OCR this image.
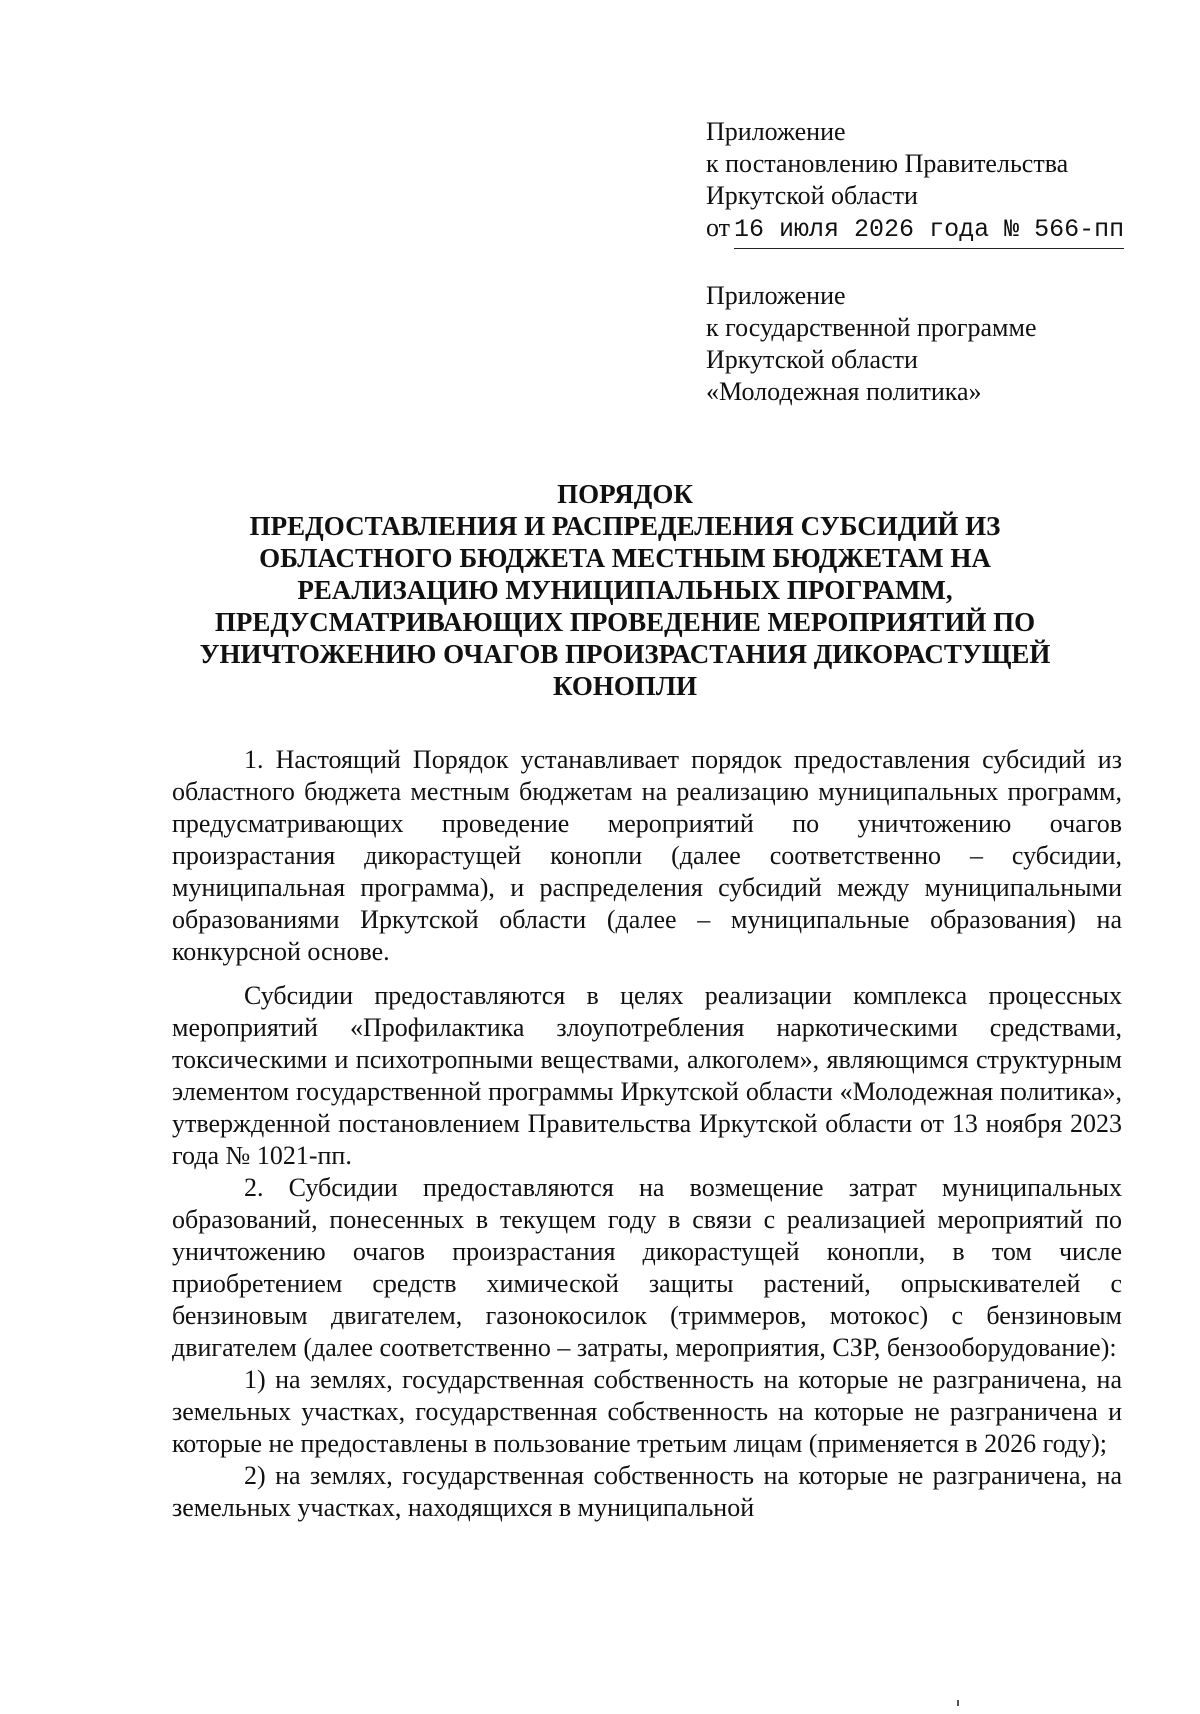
Приложение
к постановлению Правительства
Иркутской области
от 16 июля 2026 года № 566-пп
Приложение
к государственной программе
Иркутской области
«Молодежная политика»
ПОРЯДОК
ПРЕДОСТАВЛЕНИЯ И РАСПРЕДЕЛЕНИЯ СУБСИДИЙ ИЗ
ОБЛАСТНОГО БЮДЖЕТА МЕСТНЫМ БЮДЖЕТАМ НА
РЕАЛИЗАЦИЮ МУНИЦИПАЛЬНЫХ ПРОГРАММ,
ПРЕДУСМАТРИВАЮЩИХ ПРОВЕДЕНИЕ МЕРОПРИЯТИЙ ПО
УНИЧТОЖЕНИЮ ОЧАГОВ ПРОИЗРАСТАНИЯ ДИКОРАСТУЩЕЙ
КОНОПЛИ

1. Настоящий Порядок устанавливает порядок предоставления субсидий из областного бюджета местным бюджетам на реализацию муниципальных программ, предусматривающих проведение мероприятий по уничтожению очагов произрастания дикорастущей конопли (далее соответственно – субсидии, муниципальная программа), и распределения субсидий между муниципальными образованиями Иркутской области (далее – муниципальные образования) на конкурсной основе.

Субсидии предоставляются в целях реализации комплекса процессных мероприятий «Профилактика злоупотребления наркотическими средствами, токсическими и психотропными веществами, алкоголем», являющимся структурным элементом государственной программы Иркутской области «Молодежная политика», утвержденной постановлением Правительства Иркутской области от 13 ноября 2023 года № 1021-пп.

2. Субсидии предоставляются на возмещение затрат муниципальных образований, понесенных в текущем году в связи с реализацией мероприятий по уничтожению очагов произрастания дикорастущей конопли, в том числе приобретением средств химической защиты растений, опрыскивателей с бензиновым двигателем, газонокосилок (триммеров, мотокос) с бензиновым двигателем (далее соответственно – затраты, мероприятия, СЗР, бензооборудование):

1) на землях, государственная собственность на которые не разграничена, на земельных участках, государственная собственность на которые не разграничена и которые не предоставлены в пользование третьим лицам (применяется в 2026 году);

2) на землях, государственная собственность на которые не разграничена, на земельных участках, находящихся в муниципальной
